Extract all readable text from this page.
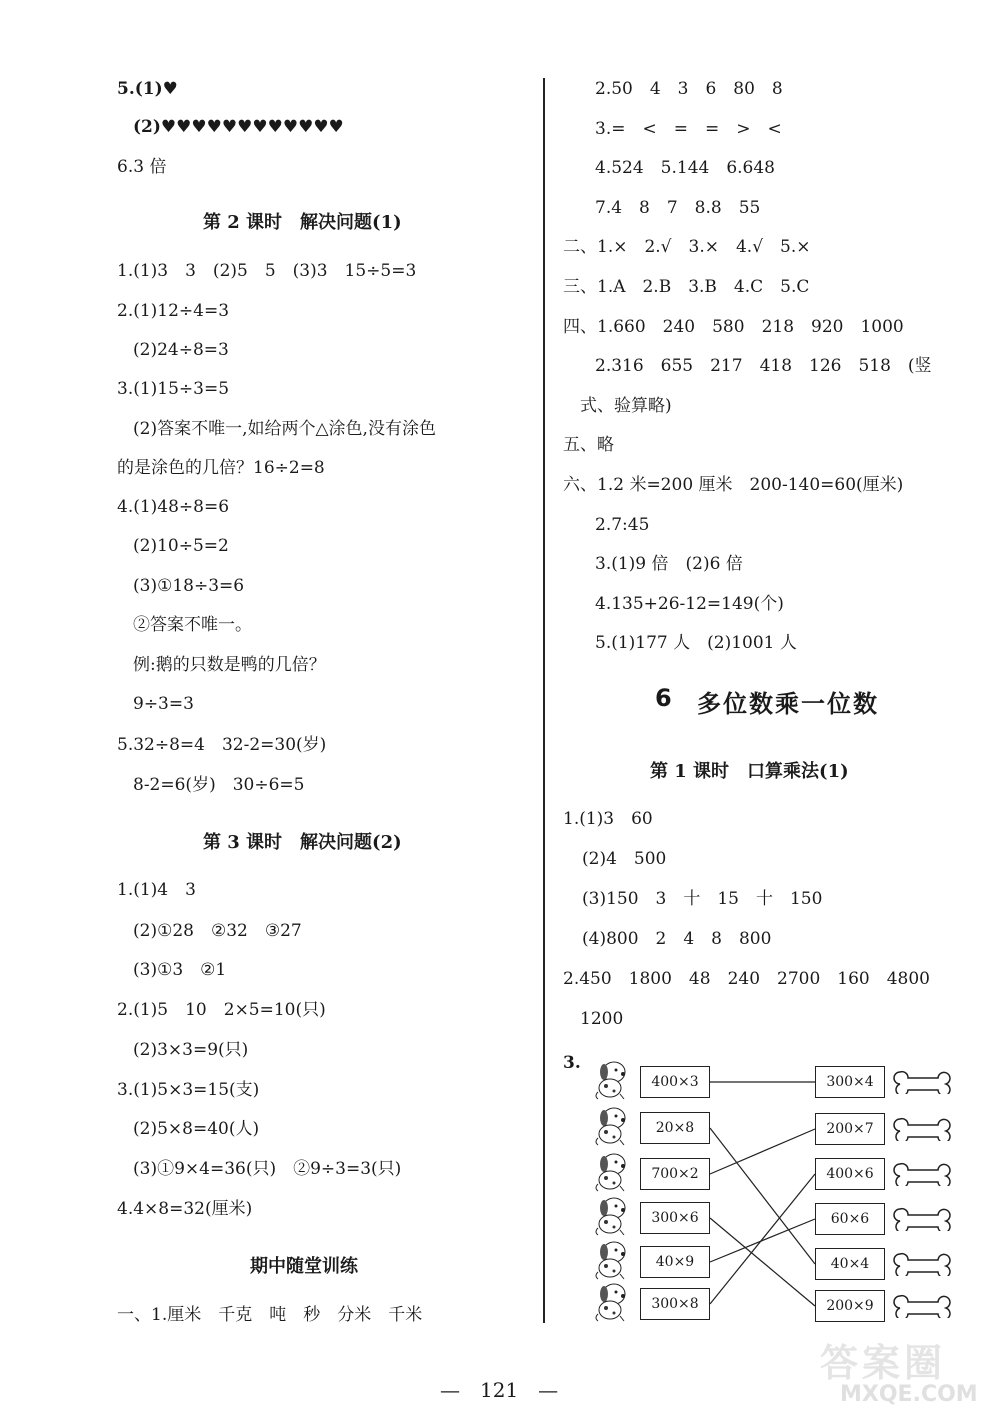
5.(1)♥
(2)♥♥♥♥♥♥♥♥♥♥♥♥
6.3 倍
第 2 课时　解决问题(1)
1.(1)3　3　(2)5　5　(3)3　15÷5=3
2.(1)12÷4=3
(2)24÷8=3
3.(1)15÷3=5
(2)答案不唯一,如给两个△涂色,没有涂色
的是涂色的几倍？16÷2=8
4.(1)48÷8=6
(2)10÷5=2
(3)①18÷3=6
②答案不唯一。
例:鹅的只数是鸭的几倍？
9÷3=3
5.32÷8=4　32-2=30(岁)
8-2=6(岁)　30÷6=5
第 3 课时　解决问题(2)
1.(1)4　3
(2)①28　②32　③27
(3)①3　②1
2.(1)5　10　2×5=10(只)
(2)3×3=9(只)
3.(1)5×3=15(支)
(2)5×8=40(人)
(3)①9×4=36(只)　②9÷3=3(只)
4.4×8=32(厘米)
期中随堂训练
一、1.厘米　千克　吨　秒　分米　千米
2.50　4　3　6　80　8
3.=　<　=　=　>　<
4.524　5.144　6.648
7.4　8　7　8.8　55
二、1.×　2.√　3.×　4.√　5.×
三、1.A　2.B　3.B　4.C　5.C
四、1.660　240　580　218　920　1000
2.316　655　217　418　126　518　(竖
式、验算略)
五、略
六、1.2 米=200 厘米　200-140=60(厘米)
2.7:45
3.(1)9 倍　(2)6 倍
4.135+26-12=149(个)
5.(1)177 人　(2)1001 人
6 多位数乘一位数
第 1 课时　口算乘法(1)
1.(1)3　60
(2)4　500
(3)150　3　十　15　十　150
(4)800　2　4　8　800
2.450　1800　48　240　2700　160　4800
1200
3.
400×3
20×8
700×2
300×6
40×9
300×8
300×4
200×7
400×6
60×6
40×4
200×9
—　121　—
答案圈
MXQE.COM
